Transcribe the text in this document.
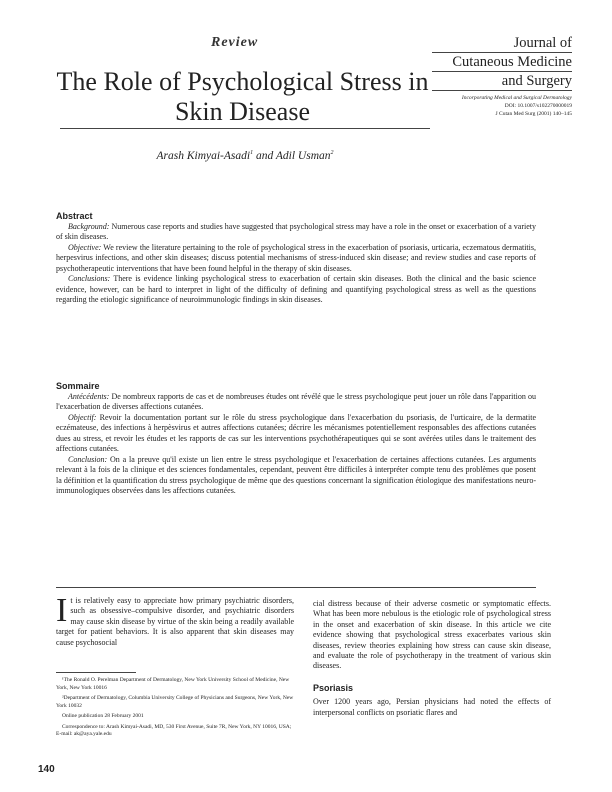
Review
The Role of Psychological Stress in Skin Disease
Arash Kimyai-Asadi$^1$ and Adil Usman$^2$
Journal of
Cutaneous Medicine
and Surgery
Incorporating Medical and Surgical Dermatology
DOI: 10.1007/s102270000019
J Cutan Med Surg (2001) 140–145
Abstract

Background: Numerous case reports and studies have suggested that psychological stress may have a role in the onset or exacerbation of a variety of skin diseases.

Objective: We review the literature pertaining to the role of psychological stress in the exacerbation of psoriasis, urticaria, eczematous dermatitis, herpesvirus infections, and other skin diseases; discuss potential mechanisms of stress-induced skin disease; and review studies and case reports of psychotherapeutic interventions that have been found helpful in the therapy of skin diseases.

Conclusions: There is evidence linking psychological stress to exacerbation of certain skin diseases. Both the clinical and the basic science evidence, however, can be hard to interpret in light of the difficulty of defining and quantifying psychological stress as well as the questions regarding the etiologic significance of neuroimmunologic findings in skin diseases.

Sommaire

Antécédents: De nombreux rapports de cas et de nombreuses études ont révélé que le stress psychologique peut jouer un rôle dans l'apparition ou l'exacerbation de diverses affections cutanées.

Objectif: Revoir la documentation portant sur le rôle du stress psychologique dans l'exacerbation du psoriasis, de l'urticaire, de la dermatite eczémateuse, des infections à herpèsvirus et autres affections cutanées; décrire les mécanismes potentiellement responsables des affections cutanées dues au stress, et revoir les études et les rapports de cas sur les interventions psychothérapeutiques qui se sont avérées utiles dans le traitement des affections cutanées.

Conclusion: On a la preuve qu'il existe un lien entre le stress psychologique et l'exacerbation de certaines affections cutanées. Les arguments relevant à la fois de la clinique et des sciences fondamentales, cependant, peuvent être difficiles à interpréter compte tenu des problèmes que posent la définition et la quantification du stress psychologique de même que des questions concernant la signification étiologique des manifestations neuro-immunologiques observées dans les affections cutanées.

It is relatively easy to appreciate how primary psychiatric disorders, such as obsessive–compulsive disorder, and psychiatric disorders may cause skin disease by virtue of the skin being a readily available target for patient behaviors. It is also apparent that skin diseases may cause psychosocial

¹The Ronald O. Perelman Department of Dermatology, New York University School of Medicine, New York, New York 10016

²Department of Dermatology, Columbia University College of Physicians and Surgeons, New York, New York 10032

Online publication 28 February 2001

Correspondence to: Arash Kimyai-Asadi, MD, 530 First Avenue, Suite 7R, New York, NY 10016, USA; E-mail: ak@aya.yale.edu

cial distress because of their adverse cosmetic or symptomatic effects. What has been more nebulous is the etiologic role of psychological stress in the onset and exacerbation of skin disease. In this article we cite evidence showing that psychological stress exacerbates various skin diseases, review theories explaining how stress can cause skin disease, and evaluate the role of psychotherapy in the treatment of various skin diseases.

Psoriasis

Over 1200 years ago, Persian physicians had noted the effects of interpersonal conflicts on psoriatic flares and

140
